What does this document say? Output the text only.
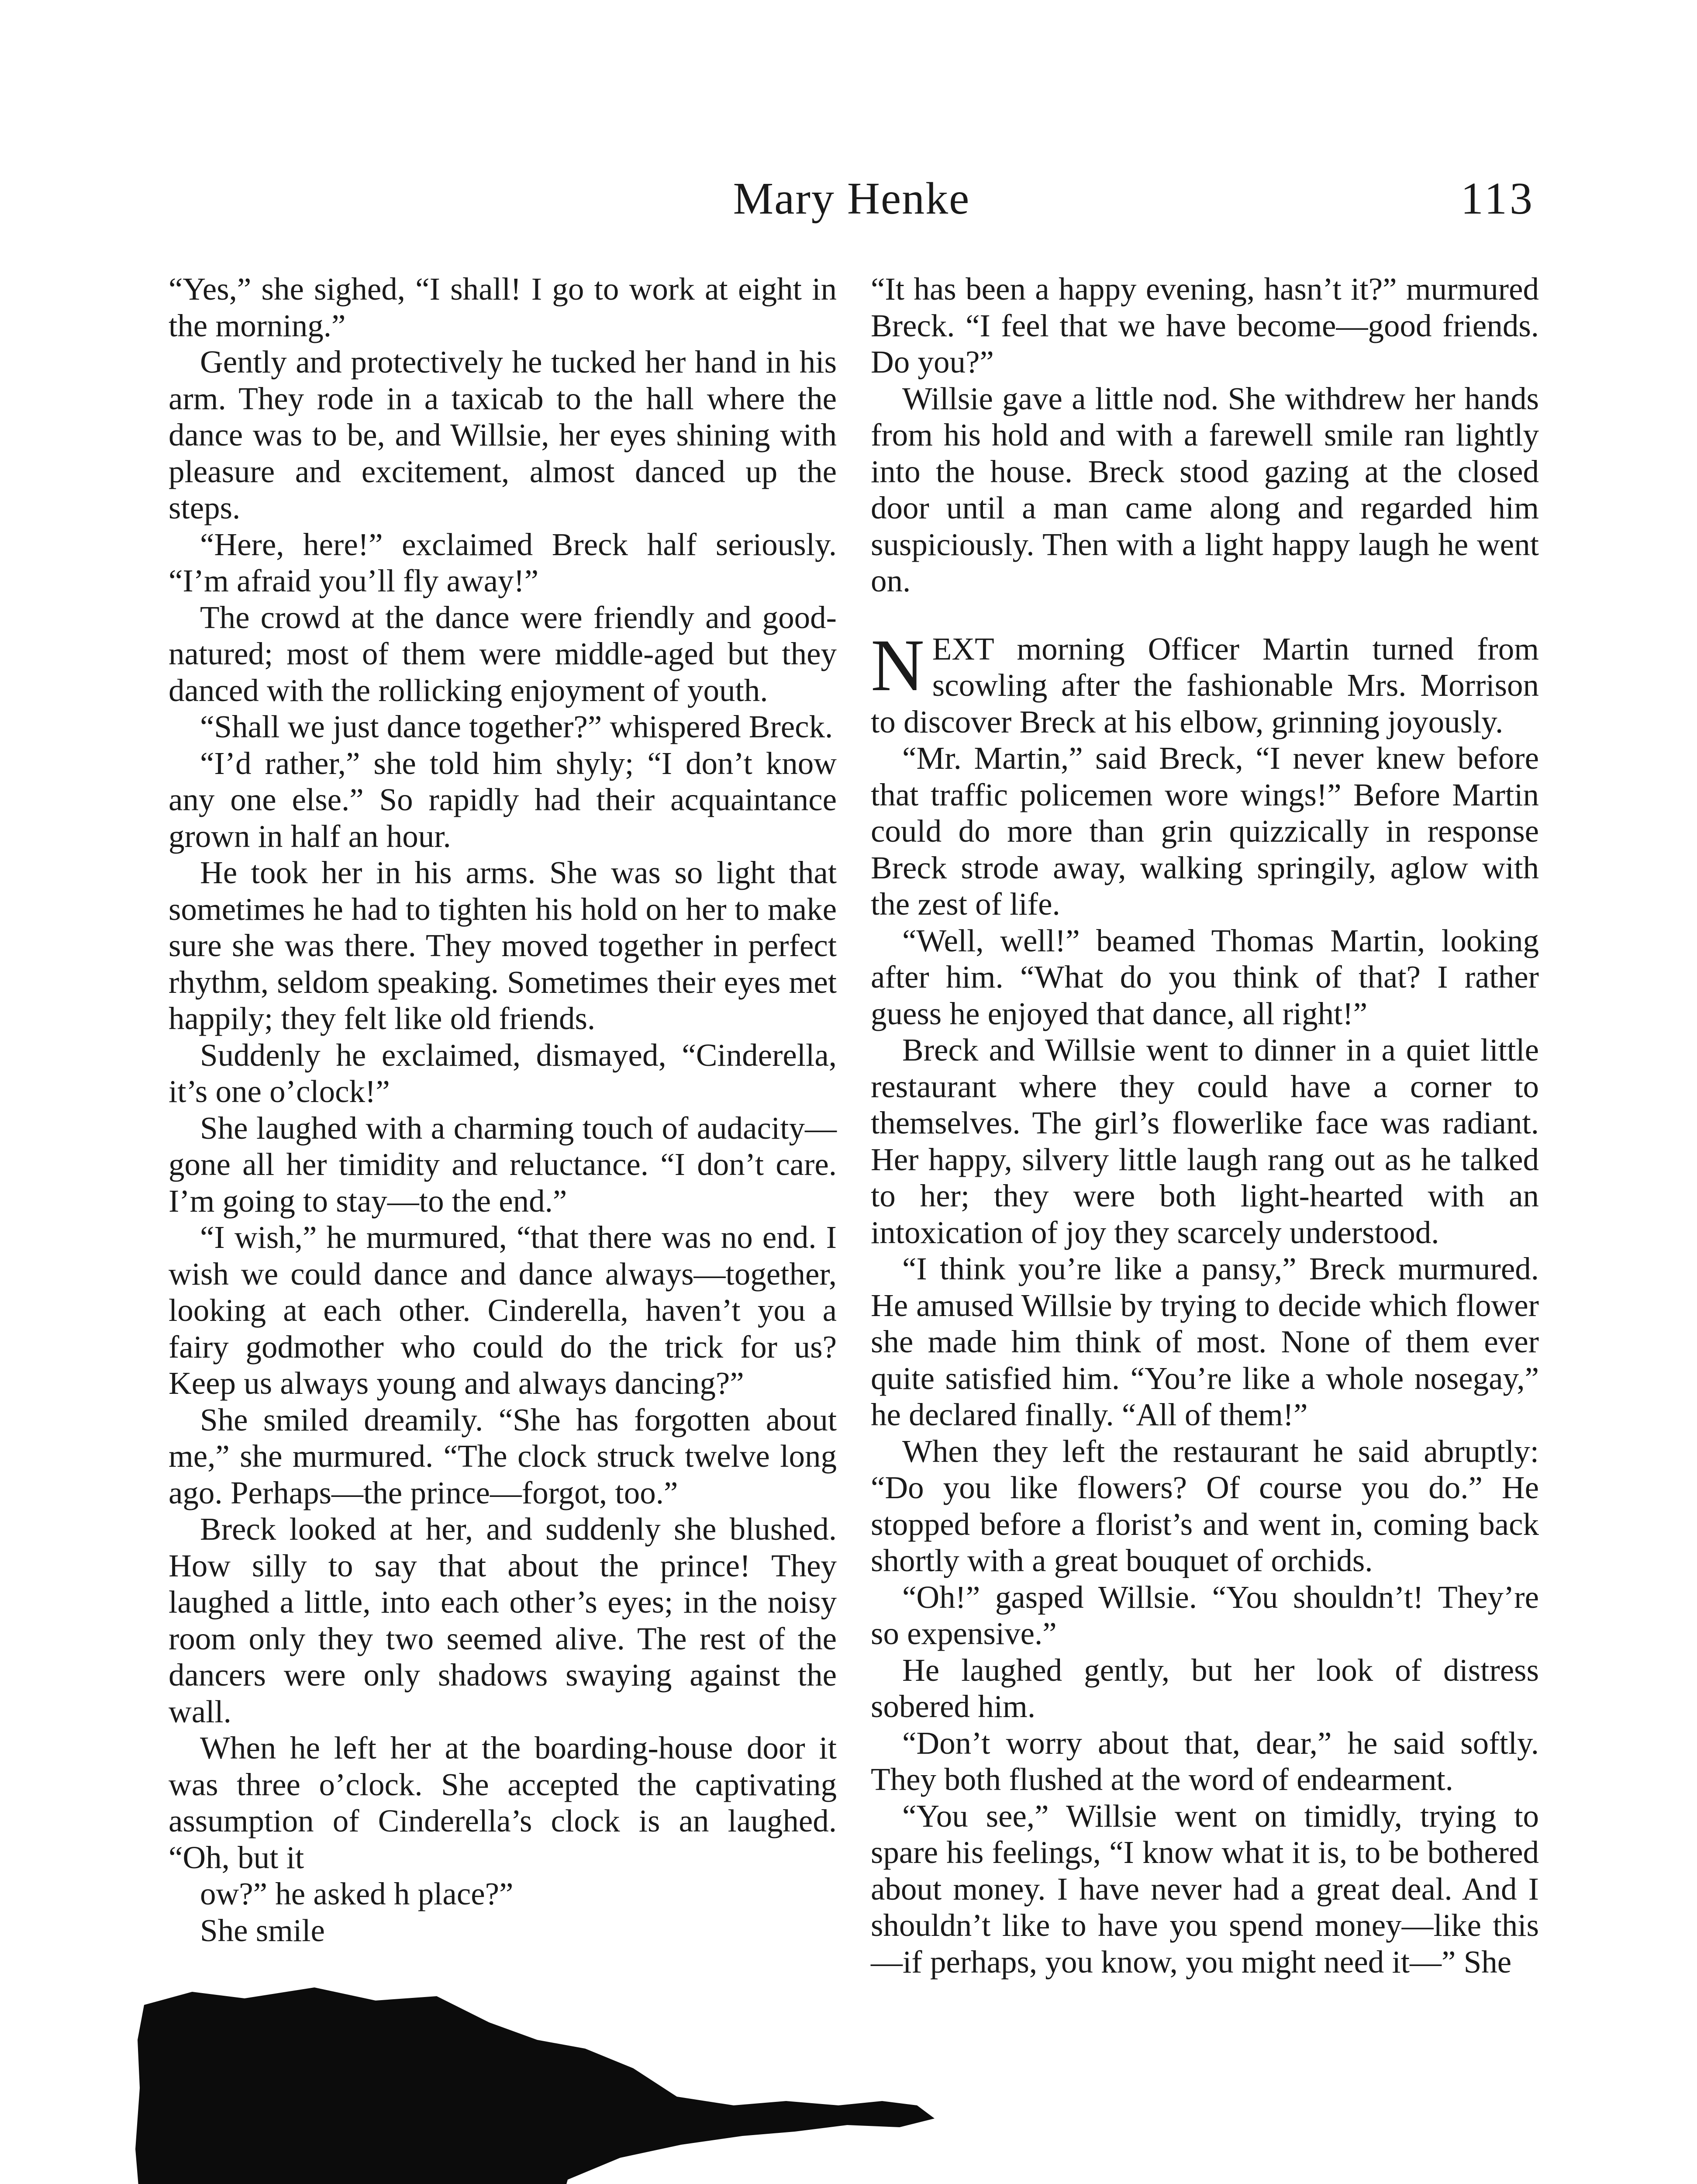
Mary Henke	113

“Yes,” she sighed, “I shall! I go to work at eight in the morning.”

Gently and protectively he tucked her hand in his arm. They rode in a taxicab to the hall where the dance was to be, and Willsie, her eyes shining with pleasure and excitement, almost danced up the steps.

“Here, here!” exclaimed Breck half seriously. “I’m afraid you’ll fly away!”

The crowd at the dance were friendly and good-natured; most of them were middle-aged but they danced with the rollicking enjoyment of youth.

“Shall we just dance together?” whispered Breck.

“I’d rather,” she told him shyly; “I don’t know any one else.” So rapidly had their acquaintance grown in half an hour.

He took her in his arms. She was so light that sometimes he had to tighten his hold on her to make sure she was there. They moved together in perfect rhythm, seldom speaking. Sometimes their eyes met happily; they felt like old friends.

Suddenly he exclaimed, dismayed, “Cinderella, it’s one o’clock!”

She laughed with a charming touch of audacity—gone all her timidity and reluctance. “I don’t care. I’m going to stay—to the end.”

“I wish,” he murmured, “that there was no end. I wish we could dance and dance always—together, looking at each other. Cinderella, haven’t you a fairy godmother who could do the trick for us? Keep us always young and always dancing?”

She smiled dreamily. “She has forgotten about me,” she murmured. “The clock struck twelve long ago. Perhaps—the prince—forgot, too.”

Breck looked at her, and suddenly she blushed. How silly to say that about the prince! They laughed a little, into each other’s eyes; in the noisy room only they two seemed alive. The rest of the dancers were only shadows swaying against the wall.

When he left her at the boarding-house door it was three o’clock. She accepted the captivating assumption of Cinderella’s clock is an laughed. “Oh, but it

ow?” he asked h place?”

She smile

“It has been a happy evening, hasn’t it?” murmured Breck. “I feel that we have become—good friends. Do you?”

Willsie gave a little nod. She withdrew her hands from his hold and with a farewell smile ran lightly into the house. Breck stood gazing at the closed door until a man came along and regarded him suspiciously. Then with a light happy laugh he went on.

N EXT morning Officer Martin turned from scowling after the fashionable Mrs. Morrison to discover Breck at his elbow, grinning joyously.

“Mr. Martin,” said Breck, “I never knew before that traffic policemen wore wings!” Before Martin could do more than grin quizzically in response Breck strode away, walking springily, aglow with the zest of life.

“Well, well!” beamed Thomas Martin, looking after him. “What do you think of that? I rather guess he enjoyed that dance, all right!”

Breck and Willsie went to dinner in a quiet little restaurant where they could have a corner to themselves. The girl’s flowerlike face was radiant. Her happy, silvery little laugh rang out as he talked to her; they were both light-hearted with an intoxication of joy they scarcely understood.

“I think you’re like a pansy,” Breck murmured. He amused Willsie by trying to decide which flower she made him think of most. None of them ever quite satisfied him. “You’re like a whole nosegay,” he declared finally. “All of them!”

When they left the restaurant he said abruptly: “Do you like flowers? Of course you do.” He stopped before a florist’s and went in, coming back shortly with a great bouquet of orchids.

“Oh!” gasped Willsie. “You shouldn’t! They’re so expensive.”

He laughed gently, but her look of distress sobered him.

“Don’t worry about that, dear,” he said softly. They both flushed at the word of endearment.

“You see,” Willsie went on timidly, trying to spare his feelings, “I know what it is, to be bothered about money. I have never had a great deal. And I shouldn’t like to have you spend money—like this—if perhaps, you know, you might need it—” She
